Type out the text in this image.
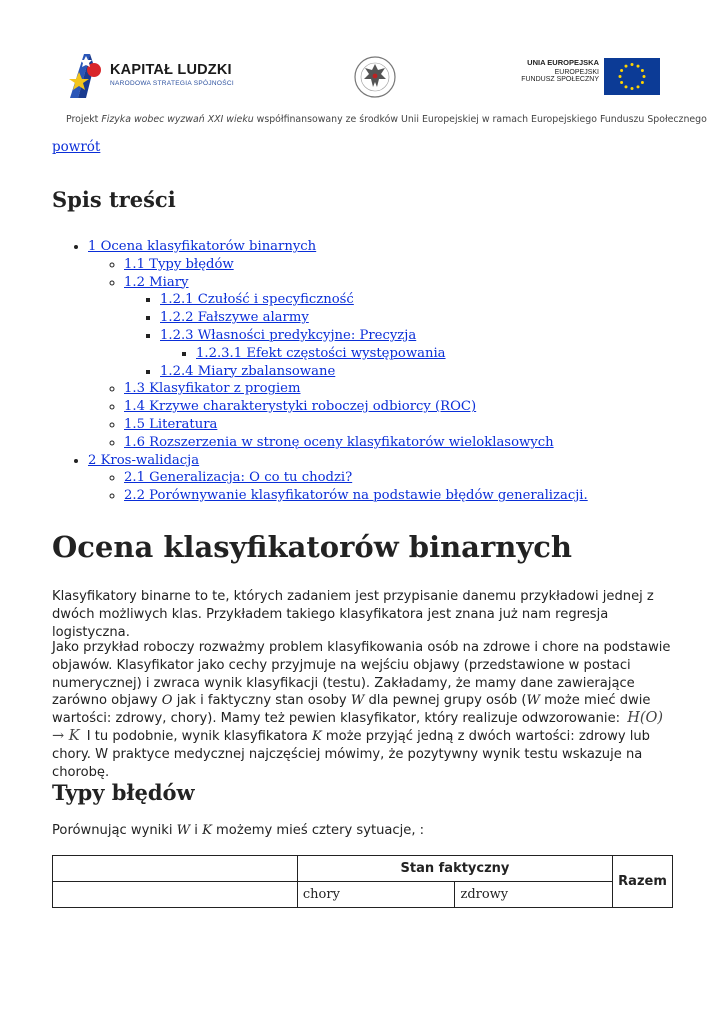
KAPITAŁ LUDZKI
NARODOWA STRATEGIA SPÓJNOŚCI
UNIA EUROPEJSKA
EUROPEJSKI
FUNDUSZ SPOŁECZNY
Projekt Fizyka wobec wyzwań XXI wieku współfinansowany ze środków Unii Europejskiej w ramach Europejskiego Funduszu Społecznego
powrót
Spis treści
• 1 Ocena klasyfikatorów binarnych
◦ 1.1 Typy błędów
◦ 1.2 Miary
▪ 1.2.1 Czułość i specyficzność
▪ 1.2.2 Fałszywe alarmy
▪ 1.2.3 Własności predykcyjne: Precyzja
▪ 1.2.3.1 Efekt częstości występowania
▪ 1.2.4 Miary zbalansowane
◦ 1.3 Klasyfikator z progiem
◦ 1.4 Krzywe charakterystyki roboczej odbiorcy (ROC)
◦ 1.5 Literatura
◦ 1.6 Rozszerzenia w stronę oceny klasyfikatorów wieloklasowych
• 2 Kros-walidacja
◦ 2.1 Generalizacja: O co tu chodzi?
◦ 2.2 Porównywanie klasyfikatorów na podstawie błędów generalizacji.
Ocena klasyfikatorów binarnych

Klasyfikatory binarne to te, których zadaniem jest przypisanie danemu przykładowi jednej z dwóch możliwych klas. Przykładem takiego klasyfikatora jest znana już nam regresja logistyczna.

Jako przykład roboczy rozważmy problem klasyfikowania osób na zdrowe i chore na podstawie objawów. Klasyfikator jako cechy przyjmuje na wejściu objawy (przedstawione w postaci numerycznej) i zwraca wynik klasyfikacji (testu). Zakładamy, że mamy dane zawierające zarówno objawy O jak i faktyczny stan osoby W dla pewnej grupy osób (W może mieć dwie wartości: zdrowy, chory). Mamy też pewien klasyfikator, który realizuje odwzorowanie: H(O) → K I tu podobnie, wynik klasyfikatora K może przyjąć jedną z dwóch wartości: zdrowy lub chory. W praktyce medycznej najczęściej mówimy, że pozytywny wynik testu wskazuje na chorobę.

Typy błędów

Porównując wyniki W i K możemy mieś cztery sytuacje, :

	Stan faktyczny		Razem
	chory	zdrowy	
